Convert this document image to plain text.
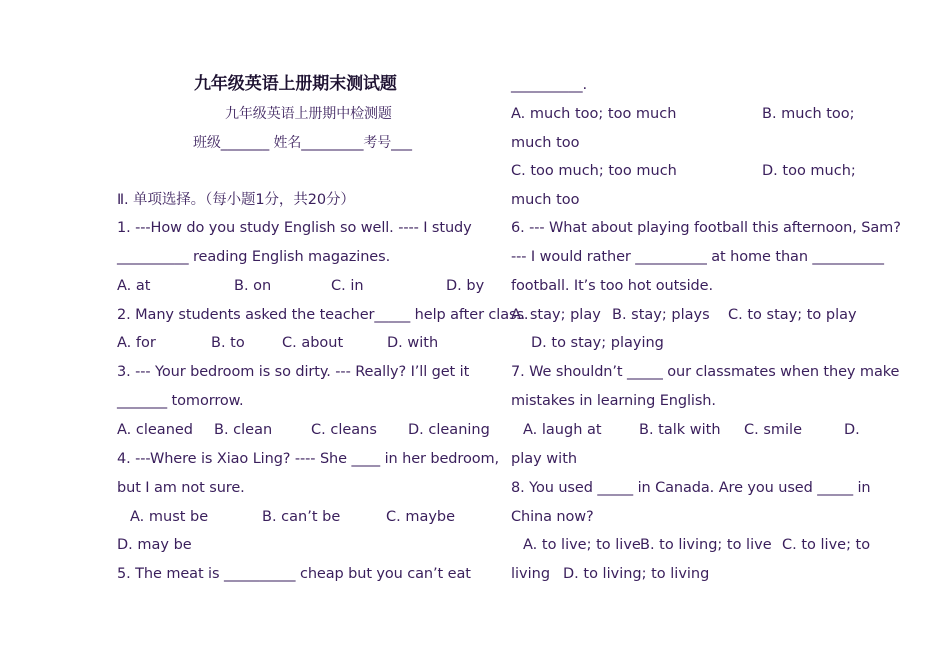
九年级英语上册期末测试题
九年级英语上册期中检测题
班级_______ 姓名_________考号___
Ⅱ. 单项选择。（每小题1分，共20分）
1. ---How do you study English so well. ---- I study
__________ reading English magazines.
A. at	B. on	C. in	D. by
2. Many students asked the teacher_____ help after class.
A. for	B. to	C. about	D. with
3. --- Your bedroom is so dirty. --- Really? I’ll get it
_______ tomorrow.
A. cleaned B. clean	C. cleans D. cleaning
4. ---Where is Xiao Ling? ---- She ____ in her bedroom,
but I am not sure.
A. must be	B. can’t be	C. maybe
D. may be
5. The meat is __________ cheap but you can’t eat
__________.
A. much too; too much	B. much too;
much too
C. too much; too much	D. too much;
much too
6. --- What about playing football this afternoon, Sam?
--- I would rather __________ at home than __________
football. It’s too hot outside.
A. stay; play B. stay; plays C. to stay; to play
D. to stay; playing
7. We shouldn’t _____ our classmates when they make
mistakes in learning English.
A. laugh at	B. talk with C. smile	D.
play with
8. You used _____ in Canada. Are you used _____ in
China now?
A. to live; to live B. to living; to live C. to live; to
living D. to living; to living
